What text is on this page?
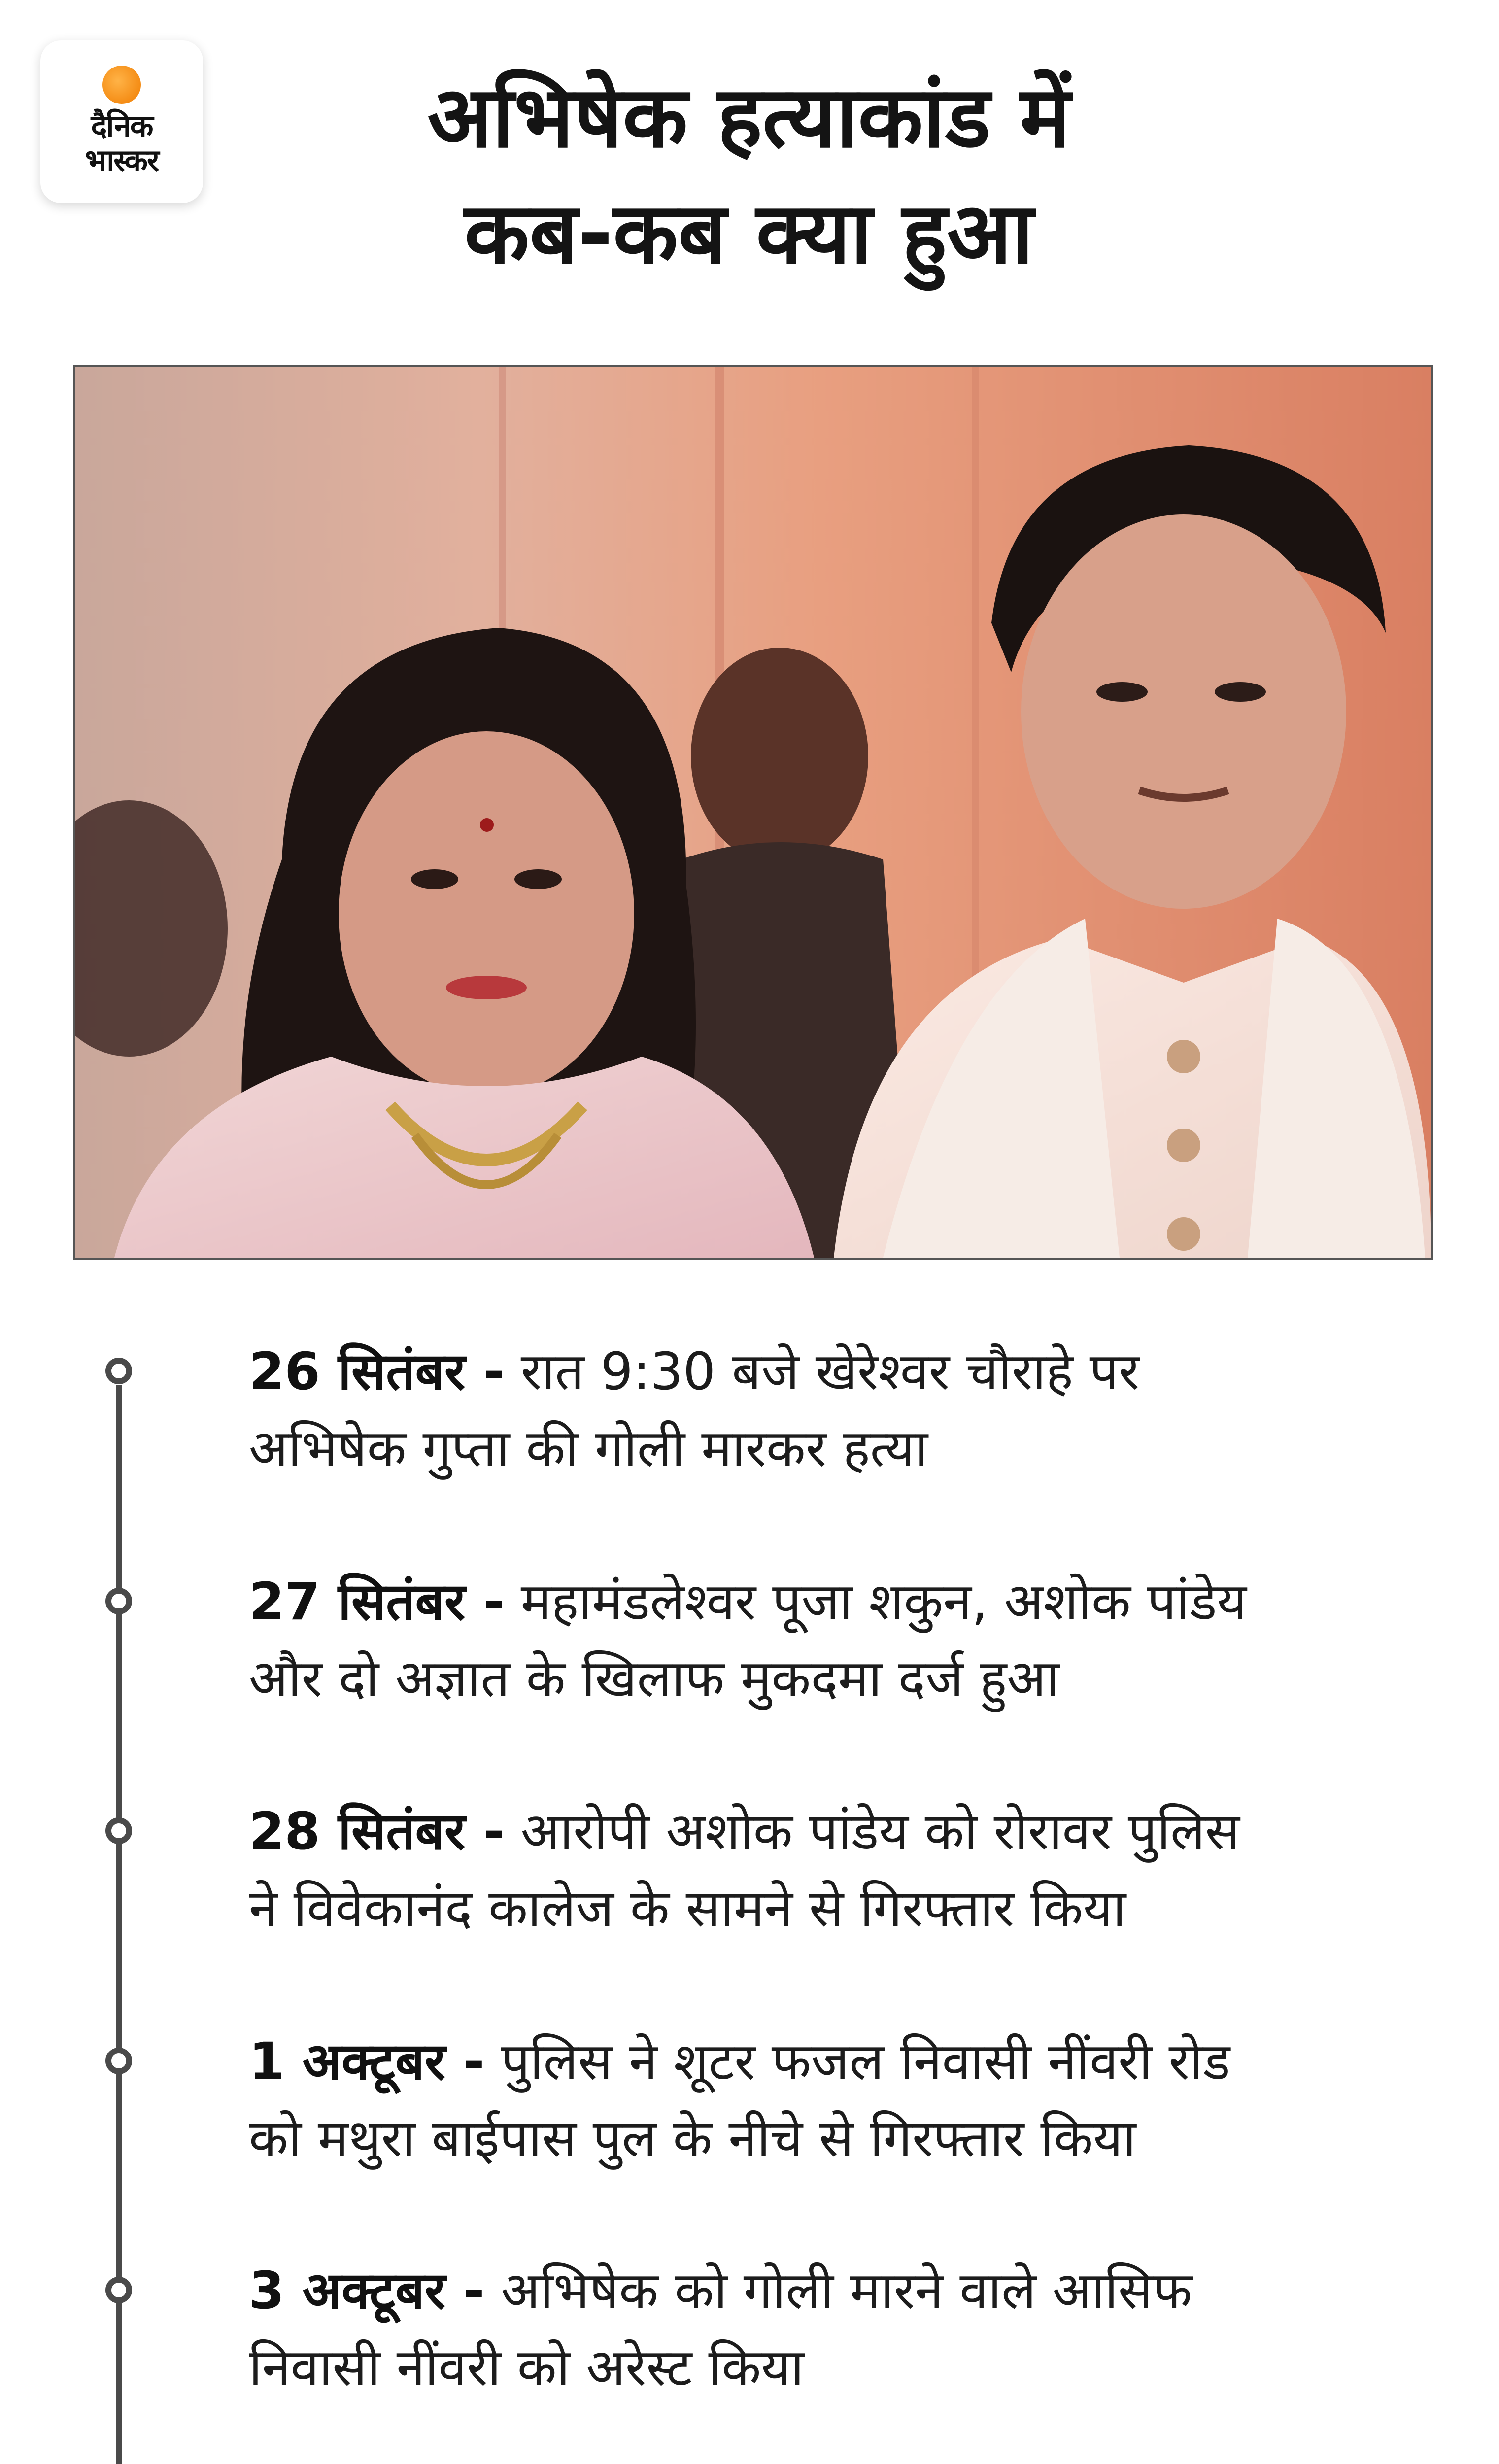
दैनिक
भास्कर	अभिषेक हत्याकांड में
कब-कब क्या हुआ
26 सितंबर - रात 9:30 बजे खेरेश्वर चौराहे पर
अभिषेक गुप्ता की गोली मारकर हत्या
27 सितंबर - महामंडलेश्वर पूजा शकुन, अशोक पांडेय
और दो अज्ञात के खिलाफ मुकदमा दर्ज हुआ
28 सितंबर - आरोपी अशोक पांडेय को रोरावर पुलिस
ने विवेकानंद कालेज के सामने से गिरफ्तार किया
1 अक्टूबर - पुलिस ने शूटर फजल निवासी नींवरी रोड
को मथुरा बाईपास पुल के नीचे से गिरफ्तार किया
3 अक्टूबर - अभिषेक को गोली मारने वाले आसिफ
निवासी नींवरी को अरेस्ट किया
